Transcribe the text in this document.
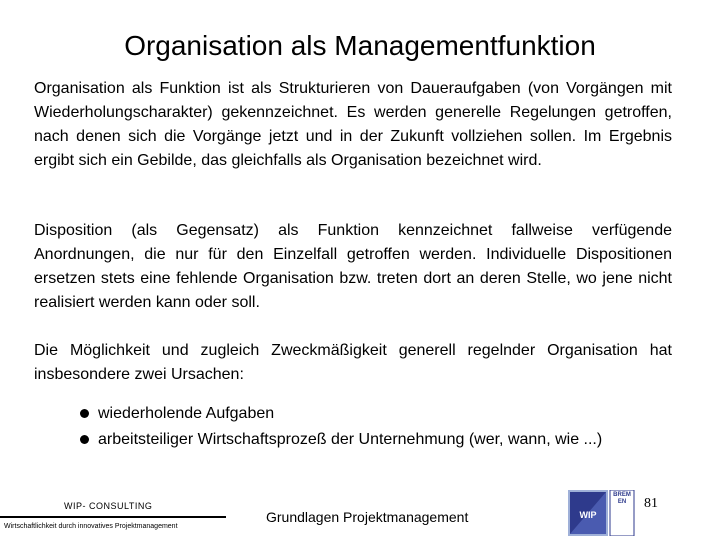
Organisation als Managementfunktion
Organisation als Funktion ist als Strukturieren von Daueraufgaben (von Vorgängen mit Wiederholungscharakter) gekennzeichnet. Es werden generelle Regelungen getroffen, nach denen sich die Vorgänge jetzt und in der Zukunft vollziehen sollen. Im Ergebnis ergibt sich ein Gebilde, das gleichfalls als Organisation bezeichnet wird.
Disposition (als Gegensatz) als Funktion kennzeichnet fallweise verfügende Anordnungen, die nur für den Einzelfall getroffen werden. Individuelle Dispositionen ersetzen stets eine fehlende Organisation bzw. treten dort an deren Stelle, wo jene nicht realisiert werden kann oder soll.
Die Möglichkeit und zugleich Zweckmäßigkeit generell regelnder Organisation hat insbesondere zwei Ursachen:
wiederholende Aufgaben
arbeitsteiliger Wirtschaftsprozeß der Unternehmung (wer, wann, wie ...)
WIP- CONSULTING
Wirtschaftlichkeit durch innovatives Projektmanagement
Grundlagen Projektmanagement	WIP
BREMEN	81
